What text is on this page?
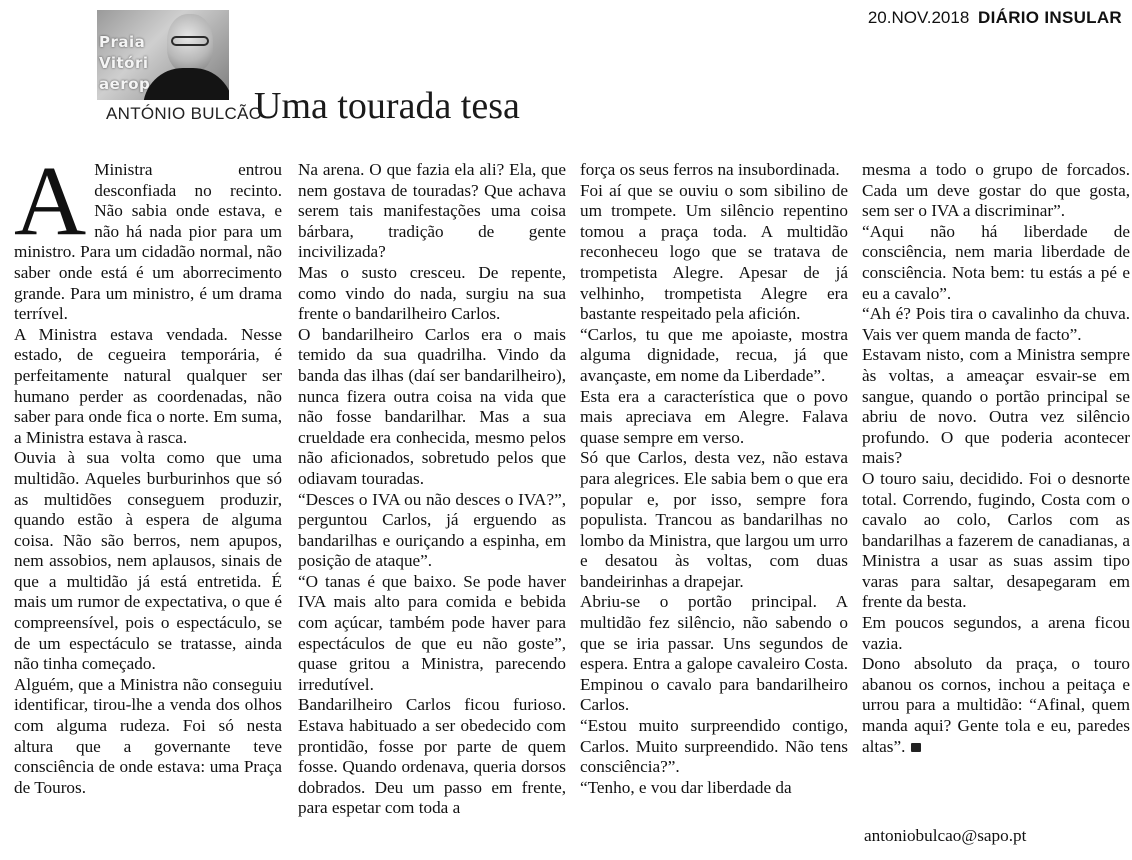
Praia
Vitóri
aerop
ANTÓNIO BULCÃO
Uma tourada tesa
20.NOV.2018 DIÁRIO INSULAR
A Ministra entrou desconfiada no recinto. Não sabia onde estava, e não há nada pior para um ministro. Para um cidadão normal, não saber onde está é um aborrecimento grande. Para um ministro, é um drama terrível.

A Ministra estava vendada. Nesse estado, de cegueira temporária, é perfeitamente natural qualquer ser humano perder as coordenadas, não saber para onde fica o norte. Em suma, a Ministra estava à rasca.

Ouvia à sua volta como que uma multidão. Aqueles burburinhos que só as multidões conseguem produzir, quando estão à espera de alguma coisa. Não são berros, nem apupos, nem assobios, nem aplausos, sinais de que a multidão já está entretida. É mais um rumor de expectativa, o que é compreensível, pois o espectáculo, se de um espectáculo se tratasse, ainda não tinha começado.

Alguém, que a Ministra não conseguiu identificar, tirou-lhe a venda dos olhos com alguma rudeza. Foi só nesta altura que a governante teve consciência de onde estava: uma Praça de Touros.

Na arena. O que fazia ela ali? Ela, que nem gostava de touradas? Que achava serem tais manifestações uma coisa bárbara, tradição de gente incivilizada?

Mas o susto cresceu. De repente, como vindo do nada, surgiu na sua frente o bandarilheiro Carlos.

O bandarilheiro Carlos era o mais temido da sua quadrilha. Vindo da banda das ilhas (daí ser bandarilheiro), nunca fizera outra coisa na vida que não fosse bandarilhar. Mas a sua crueldade era conhecida, mesmo pelos não aficionados, sobretudo pelos que odiavam touradas.

“Desces o IVA ou não desces o IVA?”, perguntou Carlos, já erguendo as bandarilhas e ouriçando a espinha, em posição de ataque”.

“O tanas é que baixo. Se pode haver IVA mais alto para comida e bebida com açúcar, também pode haver para espectáculos de que eu não goste”, quase gritou a Ministra, parecendo irredutível.

Bandarilheiro Carlos ficou furioso. Estava habituado a ser obedecido com prontidão, fosse por parte de quem fosse. Quando ordenava, queria dorsos dobrados. Deu um passo em frente, para espetar com toda a

força os seus ferros na insubordinada.

Foi aí que se ouviu o som sibilino de um trompete. Um silêncio repentino tomou a praça toda. A multidão reconheceu logo que se tratava de trompetista Alegre. Apesar de já velhinho, trompetista Alegre era bastante respeitado pela afición.

“Carlos, tu que me apoiaste, mostra alguma dignidade, recua, já que avançaste, em nome da Liberdade”.

Esta era a característica que o povo mais apreciava em Alegre. Falava quase sempre em verso.

Só que Carlos, desta vez, não estava para alegrices. Ele sabia bem o que era popular e, por isso, sempre fora populista. Trancou as bandarilhas no lombo da Ministra, que largou um urro e desatou às voltas, com duas bandeirinhas a drapejar.

Abriu-se o portão principal. A multidão fez silêncio, não sabendo o que se iria passar. Uns segundos de espera. Entra a galope cavaleiro Costa. Empinou o cavalo para bandarilheiro Carlos.

“Estou muito surpreendido contigo, Carlos. Muito surpreendido. Não tens consciência?”.

“Tenho, e vou dar liberdade da

mesma a todo o grupo de forcados. Cada um deve gostar do que gosta, sem ser o IVA a discriminar”.

“Aqui não há liberdade de consciência, nem maria liberdade de consciência. Nota bem: tu estás a pé e eu a cavalo”.

“Ah é? Pois tira o cavalinho da chuva. Vais ver quem manda de facto”.

Estavam nisto, com a Ministra sempre às voltas, a ameaçar esvair-se em sangue, quando o portão principal se abriu de novo. Outra vez silêncio profundo. O que poderia acontecer mais?

O touro saiu, decidido. Foi o desnorte total. Correndo, fugindo, Costa com o cavalo ao colo, Carlos com as bandarilhas a fazerem de canadianas, a Ministra a usar as suas assim tipo varas para saltar, desapegaram em frente da besta.

Em poucos segundos, a arena ficou vazia.

Dono absoluto da praça, o touro abanou os cornos, inchou a peitaça e urrou para a multidão: “Afinal, quem manda aqui? Gente tola e eu, paredes altas”.

antoniobulcao@sapo.pt
